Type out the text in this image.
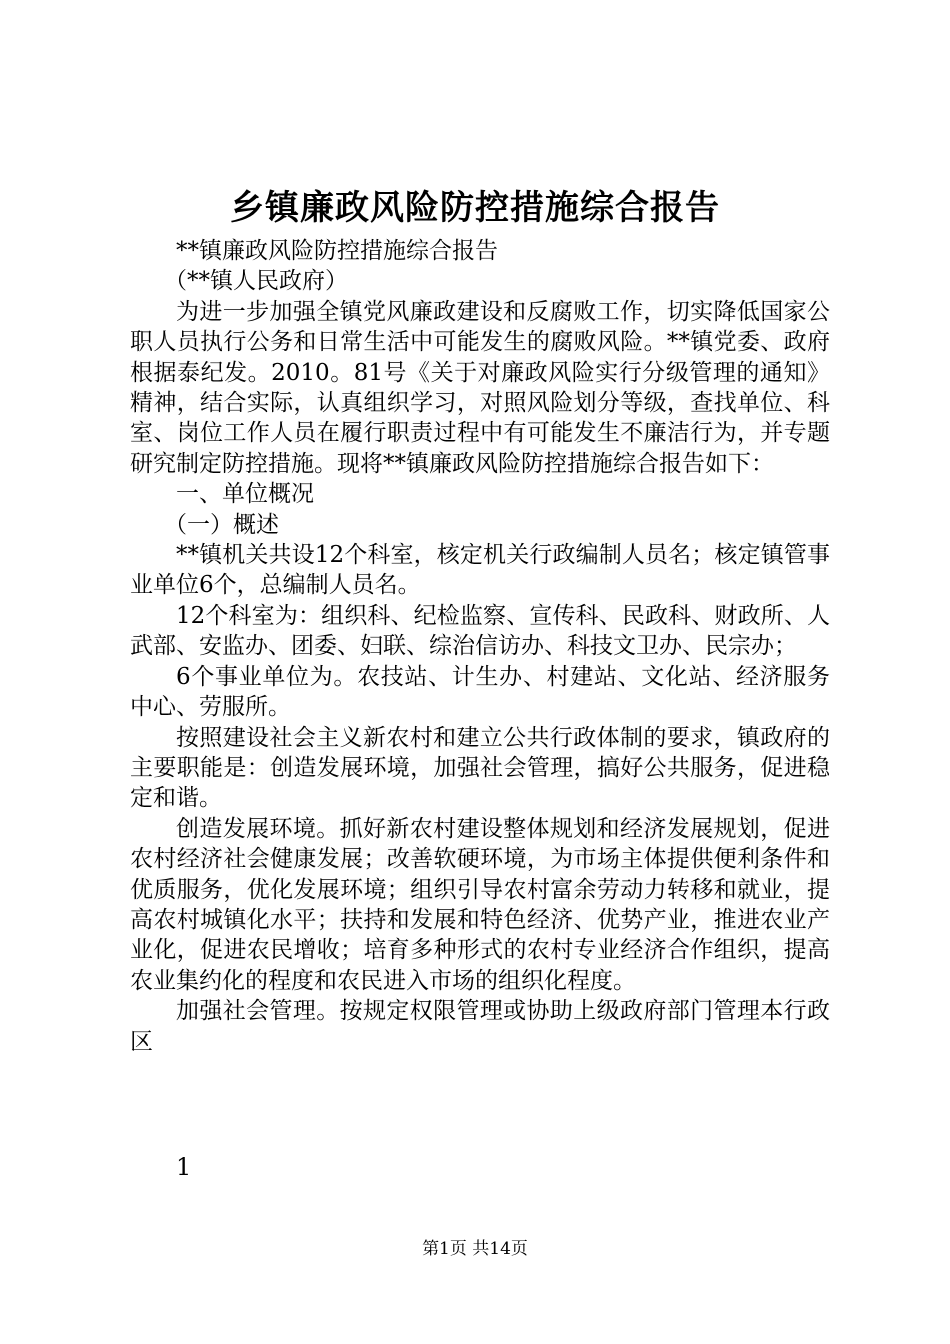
乡镇廉政风险防控措施综合报告

**镇廉政风险防控措施综合报告

（**镇人民政府）

为进一步加强全镇党风廉政建设和反腐败工作，切实降低国家公职人员执行公务和日常生活中可能发生的腐败风险。**镇党委、政府根据泰纪发。2010。81号《关于对廉政风险实行分级管理的通知》精神，结合实际，认真组织学习，对照风险划分等级，查找单位、科室、岗位工作人员在履行职责过程中有可能发生不廉洁行为，并专题研究制定防控措施。现将**镇廉政风险防控措施综合报告如下：

一、单位概况

（一）概述

**镇机关共设12个科室，核定机关行政编制人员名；核定镇管事业单位6个，总编制人员名。

12个科室为：组织科、纪检监察、宣传科、民政科、财政所、人武部、安监办、团委、妇联、综治信访办、科技文卫办、民宗办；

6个事业单位为。农技站、计生办、村建站、文化站、经济服务中心、劳服所。

按照建设社会主义新农村和建立公共行政体制的要求，镇政府的主要职能是：创造发展环境，加强社会管理，搞好公共服务，促进稳定和谐。

创造发展环境。抓好新农村建设整体规划和经济发展规划，促进农村经济社会健康发展；改善软硬环境，为市场主体提供便利条件和优质服务，优化发展环境；组织引导农村富余劳动力转移和就业，提高农村城镇化水平；扶持和发展和特色经济、优势产业，推进农业产业化，促进农民增收；培育多种形式的农村专业经济合作组织，提高农业集约化的程度和农民进入市场的组织化程度。

加强社会管理。按规定权限管理或协助上级政府部门管理本行政区

1
第1页 共14页
